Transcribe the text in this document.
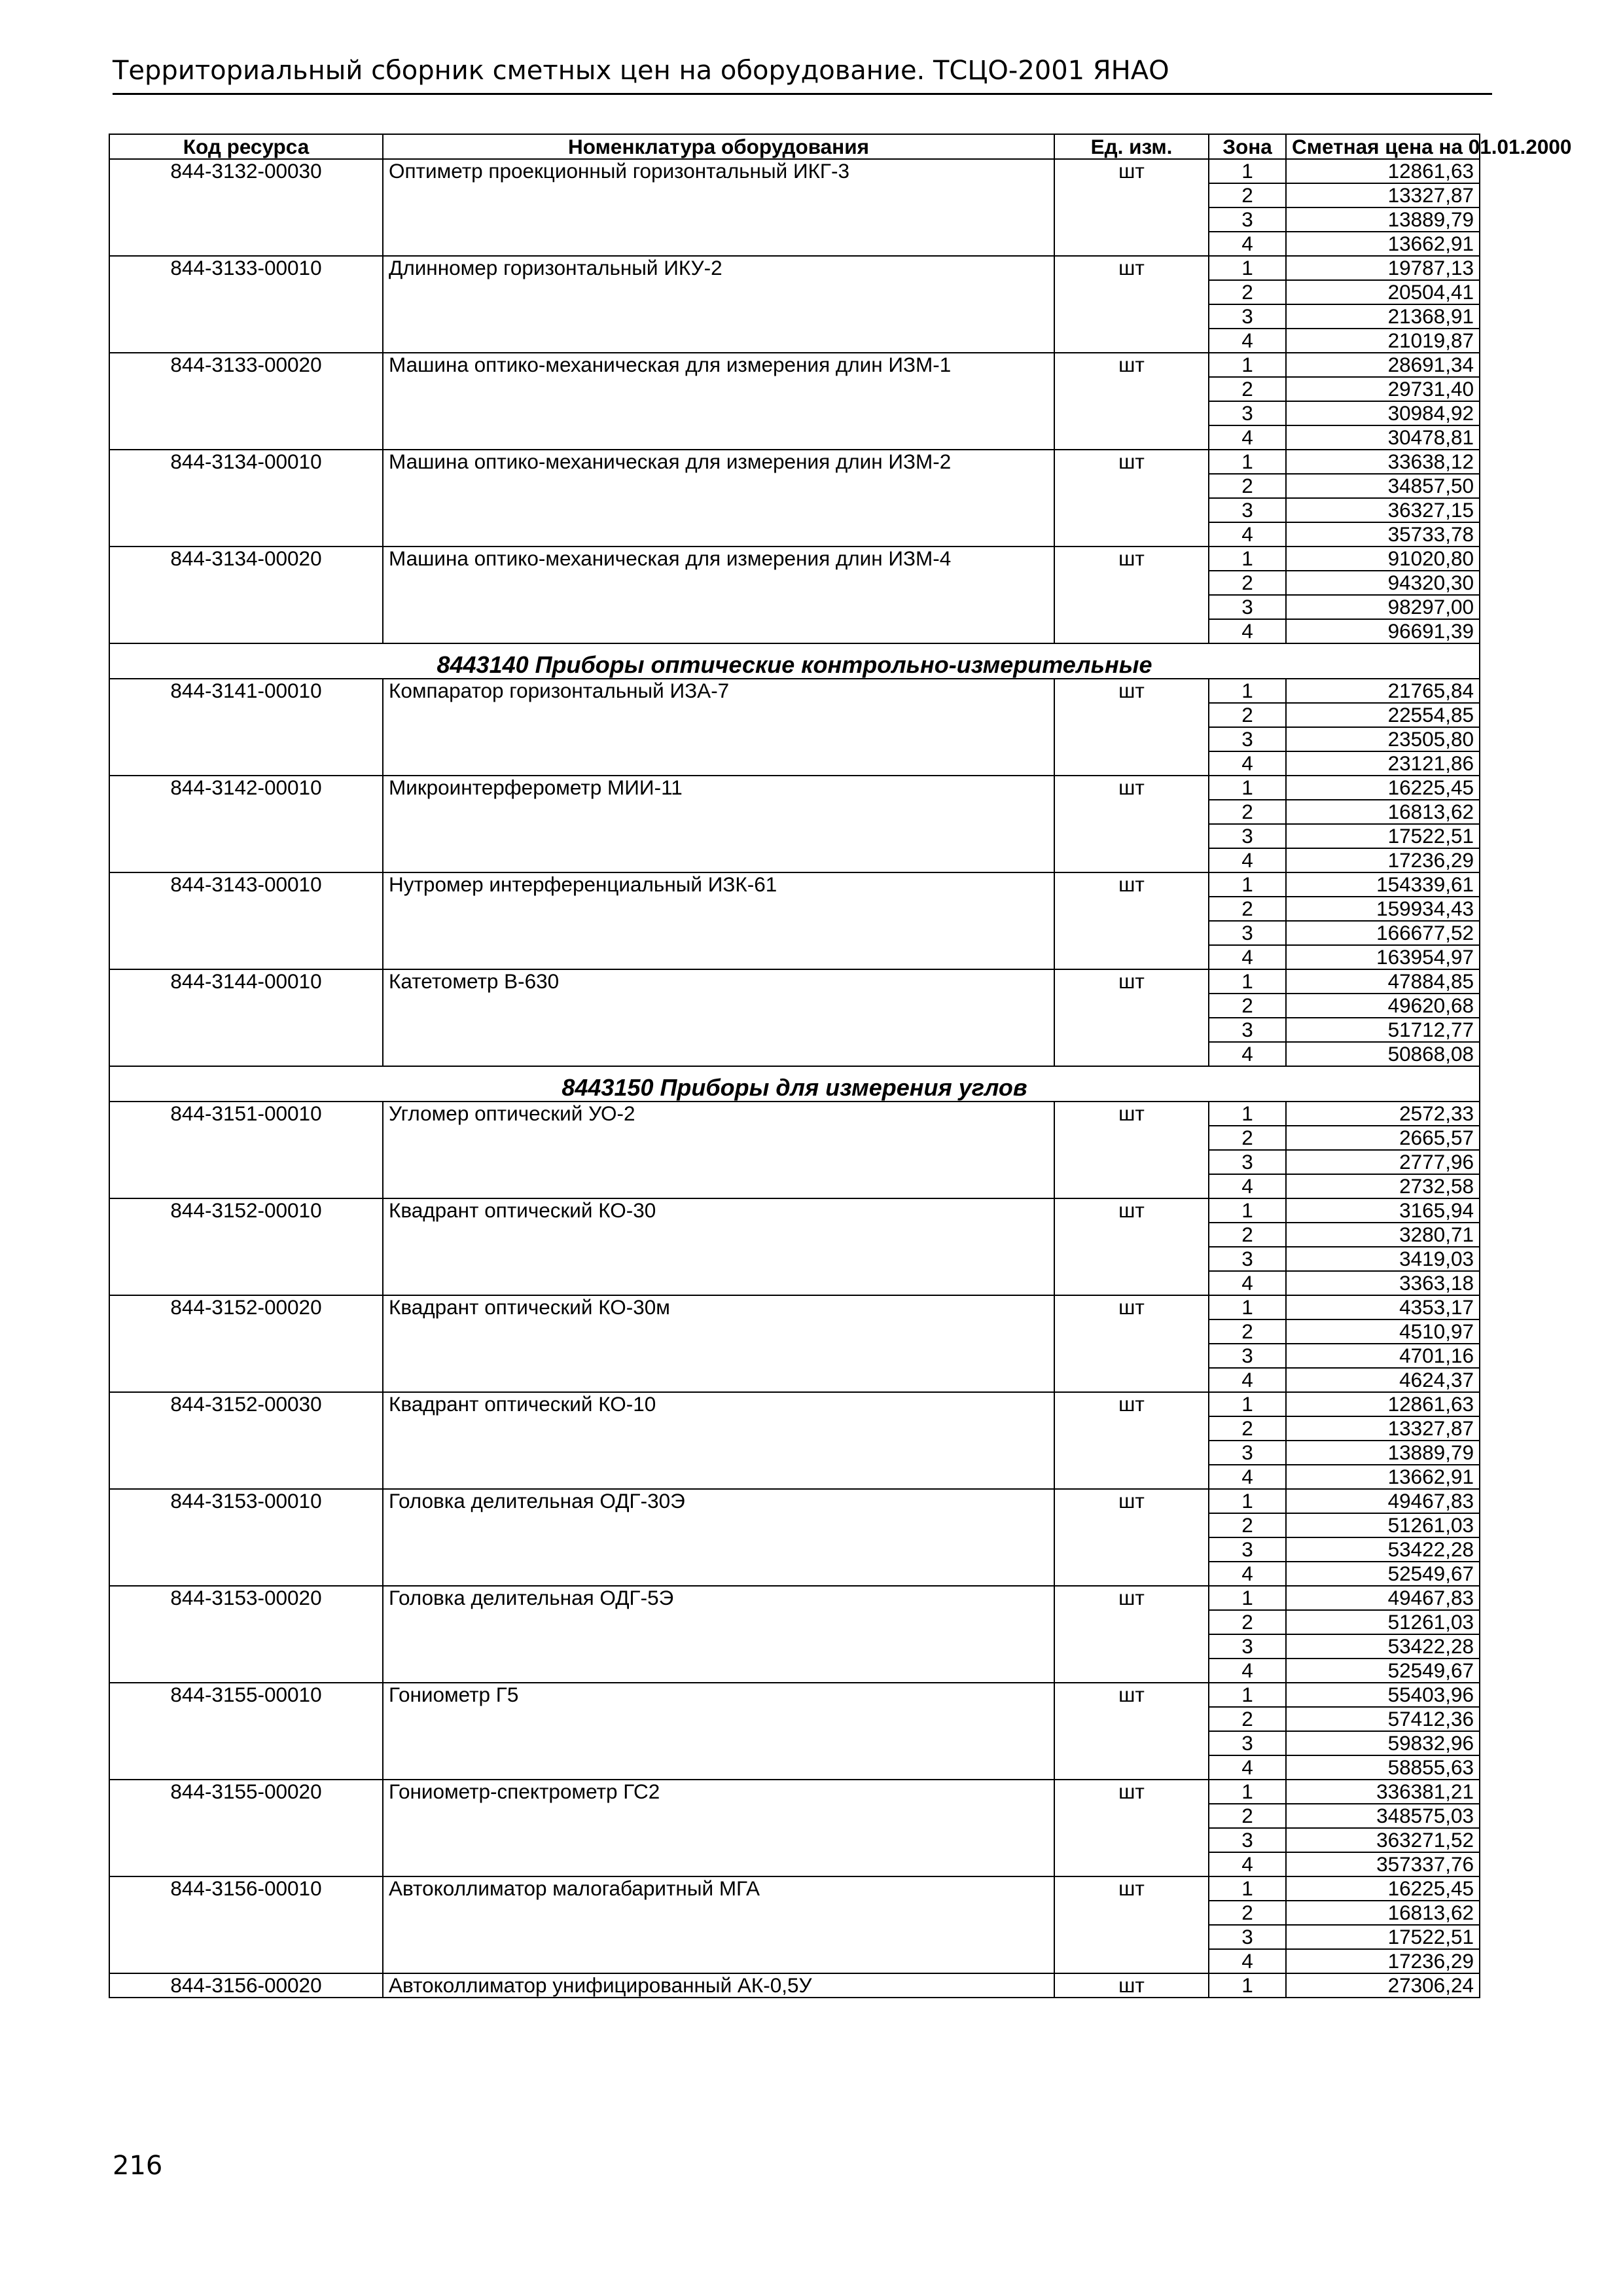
Территориальный сборник сметных цен на оборудование. ТСЦО-2001 ЯНАО
Код ресурса	Номенклатура оборудования	Ед. изм.	Зона	Сметная цена на 01.01.2000
844-3132-00030	Оптиметр проекционный горизонтальный ИКГ-3	шт	1	12861,63
			2	13327,87
			3	13889,79
			4	13662,91
844-3133-00010	Длинномер горизонтальный ИКУ-2	шт	1	19787,13
			2	20504,41
			3	21368,91
			4	21019,87
844-3133-00020	Машина оптико-механическая для измерения длин ИЗМ-1	шт	1	28691,34
			2	29731,40
			3	30984,92
			4	30478,81
844-3134-00010	Машина оптико-механическая для измерения длин ИЗМ-2	шт	1	33638,12
			2	34857,50
			3	36327,15
			4	35733,78
844-3134-00020	Машина оптико-механическая для измерения длин ИЗМ-4	шт	1	91020,80
			2	94320,30
			3	98297,00
			4	96691,39
8443140 Приборы оптические контрольно-измерительные				
844-3141-00010	Компаратор горизонтальный ИЗА-7	шт	1	21765,84
			2	22554,85
			3	23505,80
			4	23121,86
844-3142-00010	Микроинтерферометр МИИ-11	шт	1	16225,45
			2	16813,62
			3	17522,51
			4	17236,29
844-3143-00010	Нутромер интерференциальный ИЗК-61	шт	1	154339,61
			2	159934,43
			3	166677,52
			4	163954,97
844-3144-00010	Катетометр В-630	шт	1	47884,85
			2	49620,68
			3	51712,77
			4	50868,08
8443150 Приборы для измерения углов				
844-3151-00010	Угломер оптический УО-2	шт	1	2572,33
			2	2665,57
			3	2777,96
			4	2732,58
844-3152-00010	Квадрант оптический КО-30	шт	1	3165,94
			2	3280,71
			3	3419,03
			4	3363,18
844-3152-00020	Квадрант оптический КО-30м	шт	1	4353,17
			2	4510,97
			3	4701,16
			4	4624,37
844-3152-00030	Квадрант оптический КО-10	шт	1	12861,63
			2	13327,87
			3	13889,79
			4	13662,91
844-3153-00010	Головка делительная ОДГ-30Э	шт	1	49467,83
			2	51261,03
			3	53422,28
			4	52549,67
844-3153-00020	Головка делительная ОДГ-5Э	шт	1	49467,83
			2	51261,03
			3	53422,28
			4	52549,67
844-3155-00010	Гониометр Г5	шт	1	55403,96
			2	57412,36
			3	59832,96
			4	58855,63
844-3155-00020	Гониометр-спектрометр ГС2	шт	1	336381,21
			2	348575,03
			3	363271,52
			4	357337,76
844-3156-00010	Автоколлиматор малогабаритный МГА	шт	1	16225,45
			2	16813,62
			3	17522,51
			4	17236,29
844-3156-00020	Автоколлиматор унифицированный АК-0,5У	шт	1	27306,24
216
